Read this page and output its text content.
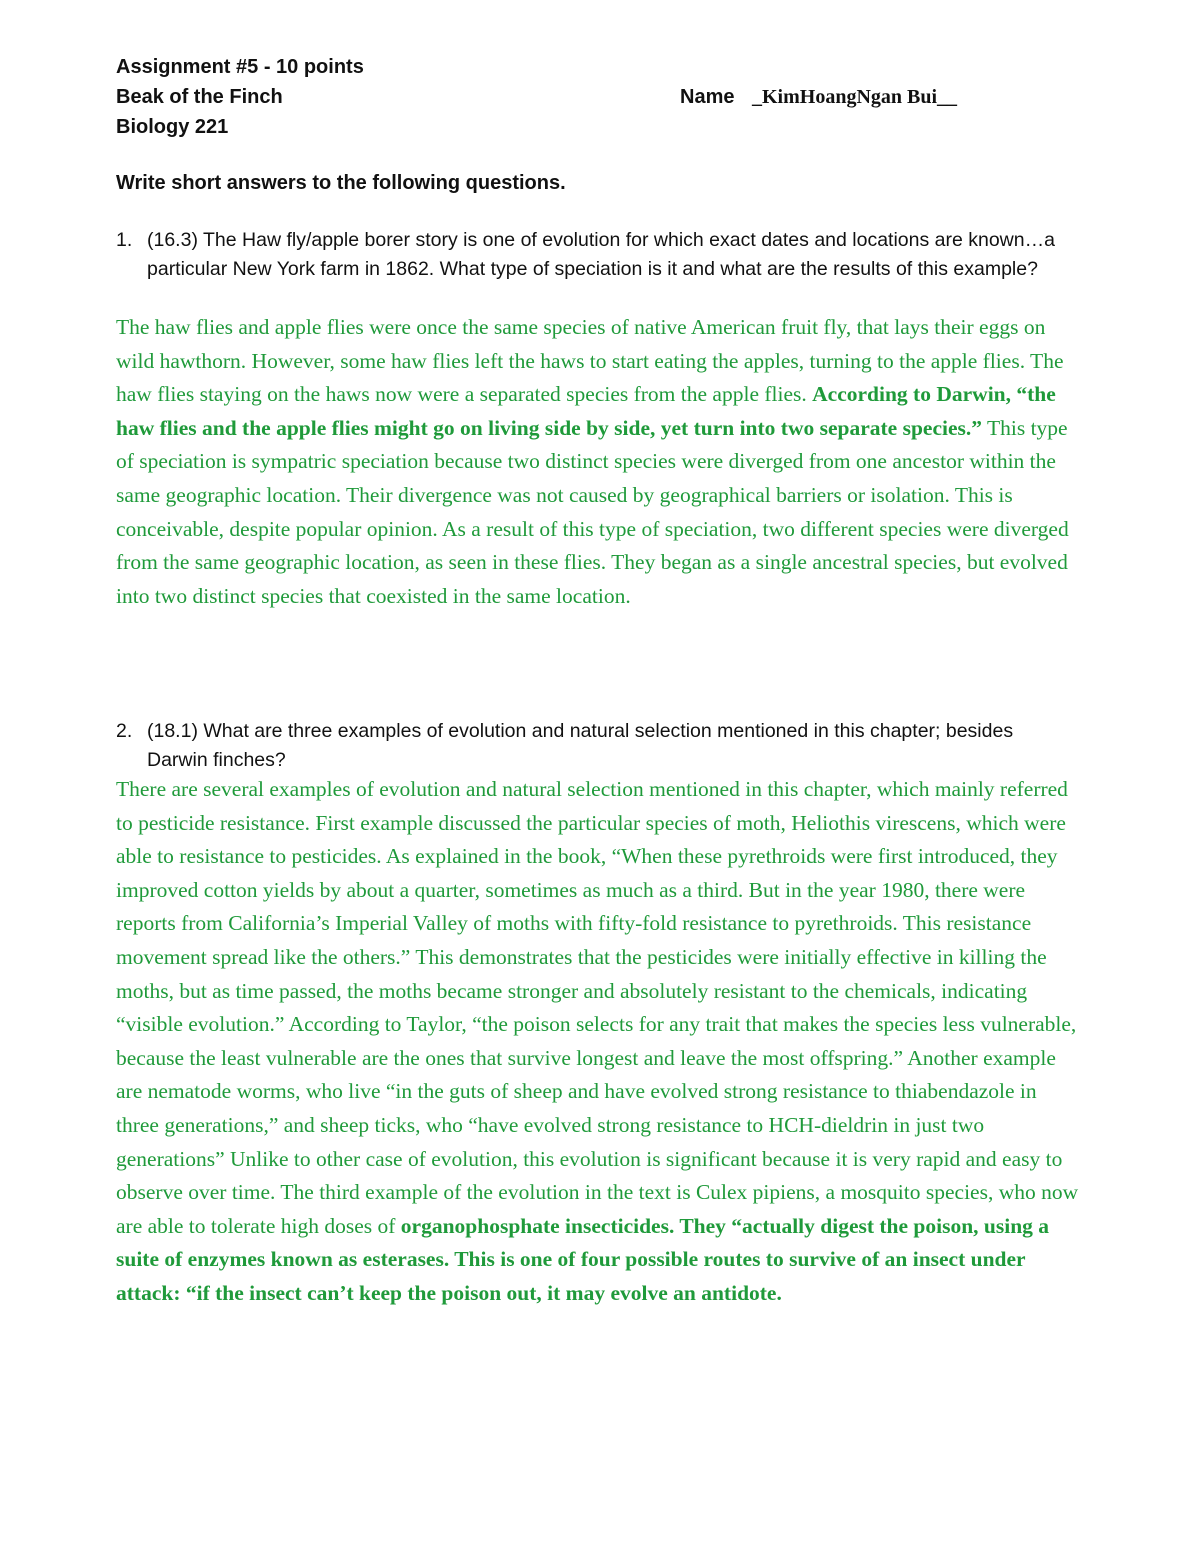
Assignment #5 - 10 points
Beak of the Finch
Biology 221
Name _KimHoangNgan Bui__
Write short answers to the following questions.
1. (16.3) The Haw fly/apple borer story is one of evolution for which exact dates and locations are known…a particular New York farm in 1862. What type of speciation is it and what are the results of this example?
The haw flies and apple flies were once the same species of native American fruit fly, that lays their eggs on wild hawthorn. However, some haw flies left the haws to start eating the apples, turning to the apple flies. The haw flies staying on the haws now were a separated species from the apple flies. According to Darwin, “the haw flies and the apple flies might go on living side by side, yet turn into two separate species.” This type of speciation is sympatric speciation because two distinct species were diverged from one ancestor within the same geographic location. Their divergence was not caused by geographical barriers or isolation. This is conceivable, despite popular opinion. As a result of this type of speciation, two different species were diverged from the same geographic location, as seen in these flies. They began as a single ancestral species, but evolved into two distinct species that coexisted in the same location.
2. (18.1) What are three examples of evolution and natural selection mentioned in this chapter; besides Darwin finches?
There are several examples of evolution and natural selection mentioned in this chapter, which mainly referred to pesticide resistance. First example discussed the particular species of moth, Heliothis virescens, which were able to resistance to pesticides. As explained in the book, “When these pyrethroids were first introduced, they improved cotton yields by about a quarter, sometimes as much as a third. But in the year 1980, there were reports from California’s Imperial Valley of moths with fifty-fold resistance to pyrethroids. This resistance movement spread like the others.” This demonstrates that the pesticides were initially effective in killing the moths, but as time passed, the moths became stronger and absolutely resistant to the chemicals, indicating “visible evolution.” According to Taylor, “the poison selects for any trait that makes the species less vulnerable, because the least vulnerable are the ones that survive longest and leave the most offspring.” Another example are nematode worms, who live “in the guts of sheep and have evolved strong resistance to thiabendazole in three generations,” and sheep ticks, who “have evolved strong resistance to HCH-dieldrin in just two generations” Unlike to other case of evolution, this evolution is significant because it is very rapid and easy to observe over time. The third example of the evolution in the text is Culex pipiens, a mosquito species, who now are able to tolerate high doses of organophosphate insecticides. They “actually digest the poison, using a suite of enzymes known as esterases. This is one of four possible routes to survive of an insect under attack: “if the insect can’t keep the poison out, it may evolve an antidote.
